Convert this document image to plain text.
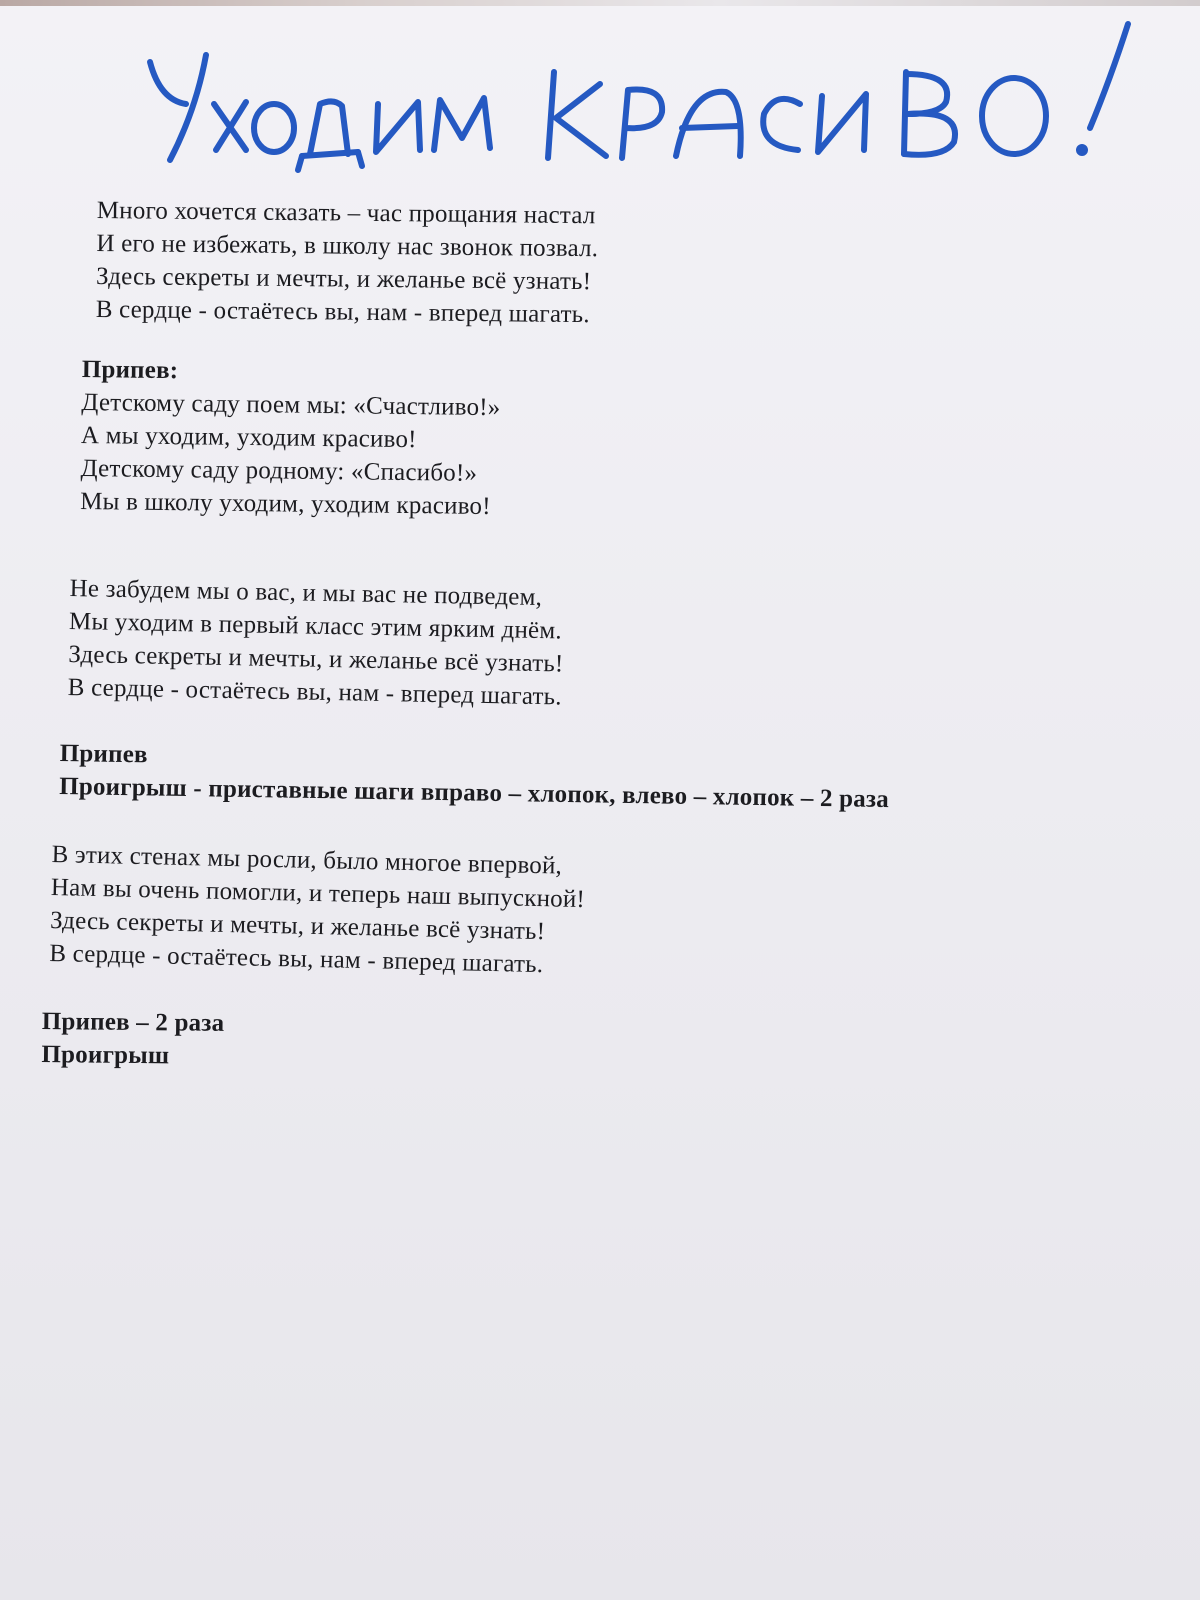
Много хочется сказать – час прощания настал
И его не избежать, в школу нас звонок позвал.
Здесь секреты и мечты, и желанье всё узнать!
В сердце - остаётесь вы, нам - вперед шагать.
Припев:
Детскому саду поем мы: «Счастливо!»
А мы уходим, уходим красиво!
Детскому саду родному: «Спасибо!»
Мы в школу уходим, уходим красиво!
Не забудем мы о вас, и мы вас не подведем,
Мы уходим в первый класс этим ярким днём.
Здесь секреты и мечты, и желанье всё узнать!
В сердце - остаётесь вы, нам - вперед шагать.
Припев
Проигрыш - приставные шаги вправо – хлопок, влево – хлопок – 2 раза
В этих стенах мы росли, было многое впервой,
Нам вы очень помогли, и теперь наш выпускной!
Здесь секреты и мечты, и желанье всё узнать!
В сердце - остаётесь вы, нам - вперед шагать.
Припев – 2 раза
Проигрыш
